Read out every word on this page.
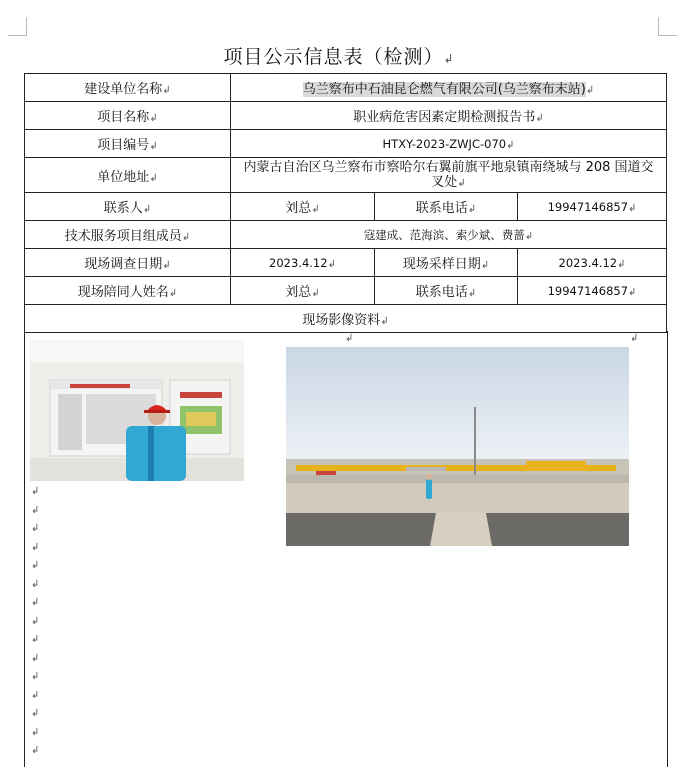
项目公示信息表（检测）↲
建设单位名称↲	乌兰察布中石油昆仑燃气有限公司(乌兰察布末站)↲		
项目名称↲	职业病危害因素定期检测报告书↲		
项目编号↲	HTXY-2023-ZWJC-070↲		
单位地址↲	内蒙古自治区乌兰察布市察哈尔右翼前旗平地泉镇南绕城与 208 国道交叉处↲		
联系人↲	刘总↲	联系电话↲	19947146857↲
技术服务项目组成员↲	寇建成、范海滨、索少斌、费蔷↲		
现场调查日期↲	2023.4.12↲	现场采样日期↲	2023.4.12↲
现场陪同人姓名↲	刘总↲	联系电话↲	19947146857↲
现场影像资料↲			
↲
↲
↲
↲
↲
↲
↲
↲
↲
↲
↲
↲
↲
↲
↲
↲	↲
